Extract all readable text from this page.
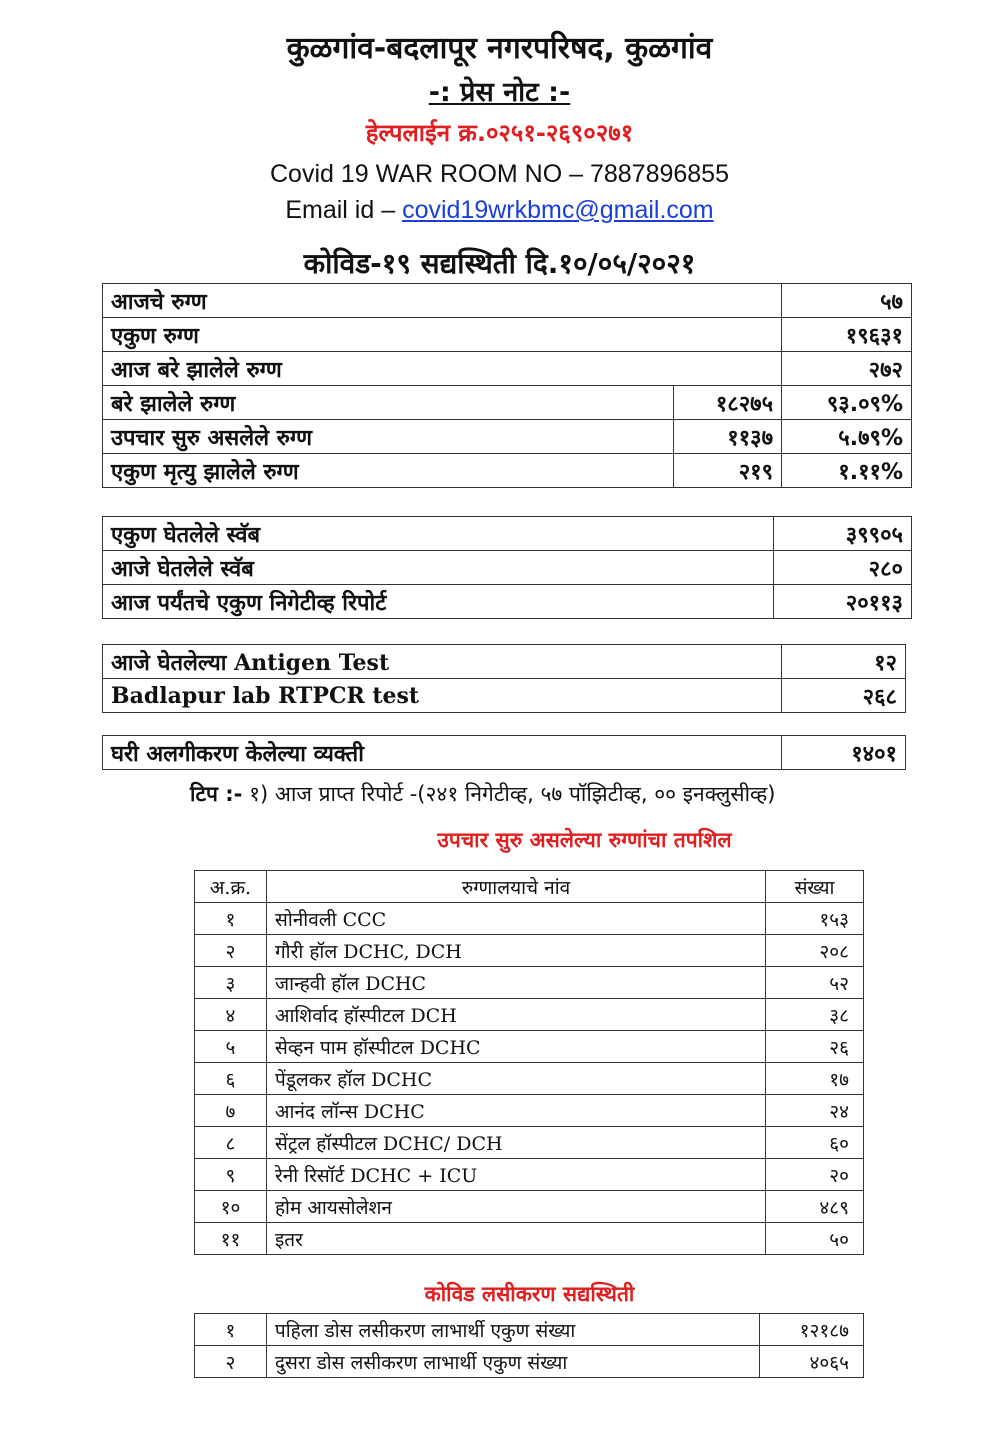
कुळगांव-बदलापूर नगरपरिषद, कुळगांव
-: प्रेस नोट :-
हेल्पलाईन क्र.०२५१-२६९०२७१
Covid 19 WAR ROOM NO – 7887896855
Email id – covid19wrkbmc@gmail.com
कोविड-१९ सद्यस्थिती दि.१०/०५/२०२१
आजचे रुग्ण		५७
एकुण रुग्ण		१९६३१
आज बरे झालेले रुग्ण		२७२
बरे झालेले रुग्ण	१८२७५	९३.०९%
उपचार सुरु असलेले रुग्ण	११३७	५.७९%
एकुण मृत्यु झालेले रुग्ण	२१९	१.११%
एकुण घेतलेले स्वॅब	३९९०५
आजे घेतलेले स्वॅब	२८०
आज पर्यंतचे एकुण निगेटीव्ह रिपोर्ट	२०११३
आजे घेतलेल्या Antigen Test	१२
Badlapur lab RTPCR test	२६८
घरी अलगीकरण केलेल्या व्यक्ती	१४०१
टिप :- १) आज प्राप्त रिपोर्ट -(२४१ निगेटीव्ह, ५७ पॉझिटीव्ह, ०० इनक्लुसीव्ह)
उपचार सुरु असलेल्या रुग्णांचा तपशिल
अ.क्र.	रुग्णालयाचे नांव	संख्या
१	सोनीवली CCC	१५३
२	गौरी हॉल DCHC, DCH	२०८
३	जान्हवी हॉल DCHC	५२
४	आशिर्वाद हॉस्पीटल DCH	३८
५	सेव्हन पाम हॉस्पीटल DCHC	२६
६	पेंडूलकर हॉल DCHC	१७
७	आनंद लॉन्स DCHC	२४
८	सेंट्रल हॉस्पीटल DCHC/ DCH	६०
९	रेनी रिसॉर्ट DCHC + ICU	२०
१०	होम आयसोलेशन	४८९
११	इतर	५०
कोविड लसीकरण सद्यस्थिती
१	पहिला डोस लसीकरण लाभार्थी एकुण संख्या	१२१८७
२	दुसरा डोस लसीकरण लाभार्थी एकुण संख्या	४०६५
